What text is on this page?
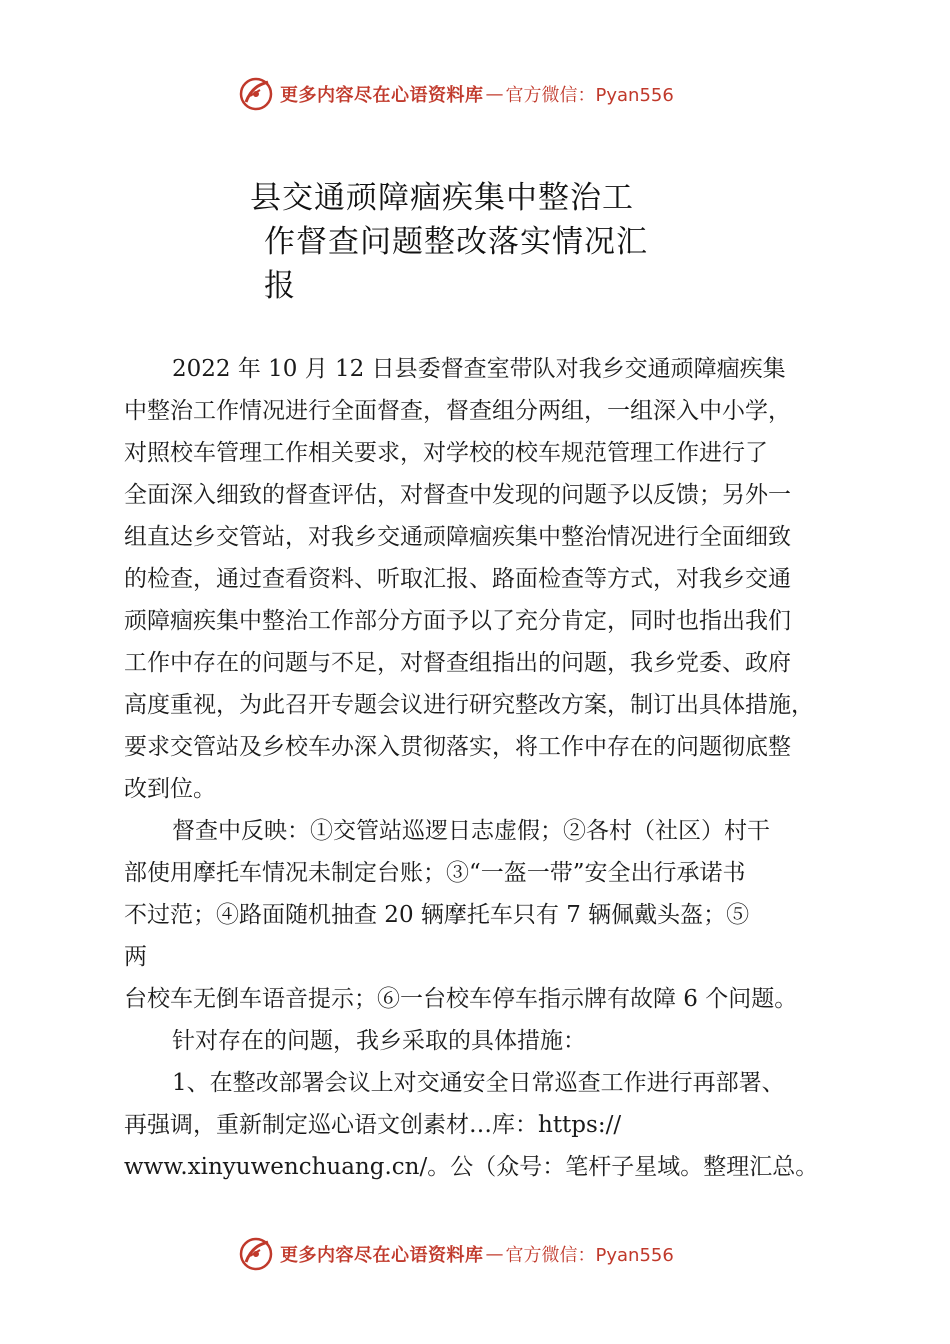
更多内容尽在心语资料库 — 官方微信：Pyan556
县交通顽障痼疾集中整治工
作督查问题整改落实情况汇
报
2022 年 10 月 12 日县委督查室带队对我乡交通顽障痼疾集
中整治工作情况进行全面督查，督查组分两组，一组深入中小学，
对照校车管理工作相关要求，对学校的校车规范管理工作进行了
全面深入细致的督查评估，对督查中发现的问题予以反馈；另外一
组直达乡交管站，对我乡交通顽障痼疾集中整治情况进行全面细致
的检查，通过查看资料、听取汇报、路面检查等方式，对我乡交通
顽障痼疾集中整治工作部分方面予以了充分肯定，同时也指出我们
工作中存在的问题与不足，对督查组指出的问题，我乡党委、政府
高度重视，为此召开专题会议进行研究整改方案，制订出具体措施，
要求交管站及乡校车办深入贯彻落实，将工作中存在的问题彻底整
改到位。
督查中反映：①交管站巡逻日志虚假；②各村（社区）村干
部使用摩托车情况未制定台账；③“一盔一带”安全出行承诺书
不过范；④路面随机抽查 20 辆摩托车只有 7 辆佩戴头盔；⑤
两
台校车无倒车语音提示；⑥一台校车停车指示牌有故障 6 个问题。
针对存在的问题，我乡采取的具体措施：
1、在整改部署会议上对交通安全日常巡查工作进行再部署、
再强调，重新制定巡心语文创素材…库：https://
www.xinyuwenchuang.cn/。公（众号：笔杆子星域。整理汇总。
更多内容尽在心语资料库 — 官方微信：Pyan556
